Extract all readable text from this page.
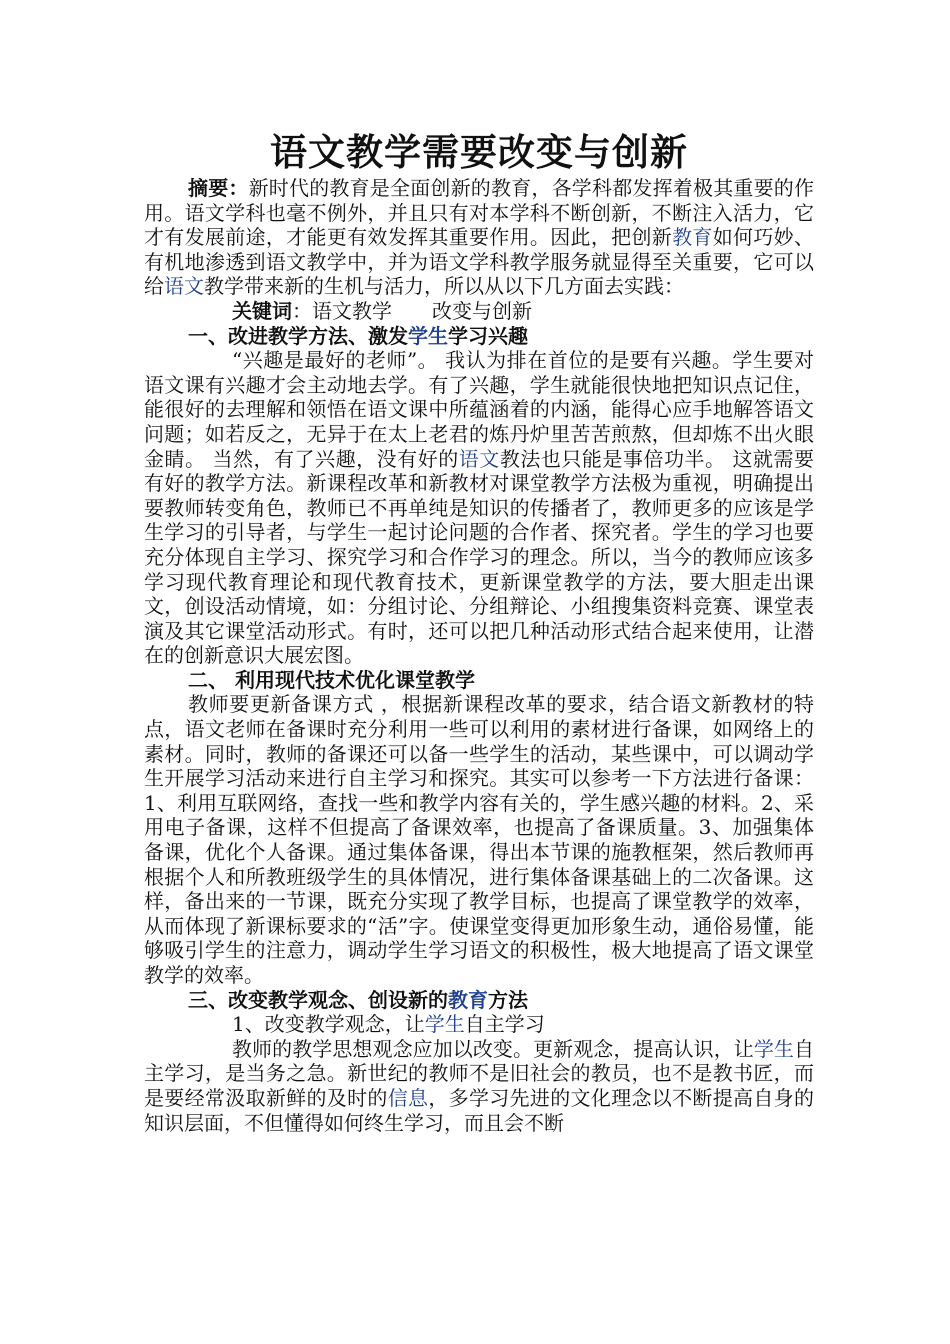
语文教学需要改变与创新

摘要：新时代的教育是全面创新的教育，各学科都发挥着极其重要的作用。语文学科也毫不例外，并且只有对本学科不断创新，不断注入活力，它才有发展前途，才能更有效发挥其重要作用。因此，把创新教育如何巧妙、有机地渗透到语文教学中，并为语文学科教学服务就显得至关重要，它可以给语文教学带来新的生机与活力，所以从以下几方面去实践：

关键词：语文教学 改变与创新

一、改进教学方法、激发学生学习兴趣

“兴趣是最好的老师”。 我认为排在首位的是要有兴趣。学生要对语文课有兴趣才会主动地去学。有了兴趣，学生就能很快地把知识点记住，能很好的去理解和领悟在语文课中所蕴涵着的内涵，能得心应手地解答语文问题；如若反之，无异于在太上老君的炼丹炉里苦苦煎熬，但却炼不出火眼金睛。 当然，有了兴趣，没有好的语文教法也只能是事倍功半。 这就需要有好的教学方法。新课程改革和新教材对课堂教学方法极为重视，明确提出要教师转变角色，教师已不再单纯是知识的传播者了，教师更多的应该是学生学习的引导者，与学生一起讨论问题的合作者、探究者。学生的学习也要充分体现自主学习、探究学习和合作学习的理念。所以，当今的教师应该多学习现代教育理论和现代教育技术，更新课堂教学的方法，要大胆走出课文，创设活动情境，如：分组讨论、分组辩论、小组搜集资料竞赛、课堂表演及其它课堂活动形式。有时，还可以把几种活动形式结合起来使用，让潜在的创新意识大展宏图。

二、 利用现代技术优化课堂教学

教师要更新备课方式 ，根据新课程改革的要求，结合语文新教材的特点，语文老师在备课时充分利用一些可以利用的素材进行备课，如网络上的素材。同时，教师的备课还可以备一些学生的活动，某些课中，可以调动学生开展学习活动来进行自主学习和探究。其实可以参考一下方法进行备课：1、利用互联网络，查找一些和教学内容有关的，学生感兴趣的材料。2、采用电子备课，这样不但提高了备课效率，也提高了备课质量。3、加强集体备课，优化个人备课。通过集体备课，得出本节课的施教框架，然后教师再根据个人和所教班级学生的具体情况，进行集体备课基础上的二次备课。这样，备出来的一节课，既充分实现了教学目标，也提高了课堂教学的效率，从而体现了新课标要求的“活”字。使课堂变得更加形象生动，通俗易懂，能够吸引学生的注意力，调动学生学习语文的积极性，极大地提高了语文课堂教学的效率。

三、改变教学观念、创设新的教育方法

1、改变教学观念，让学生自主学习

教师的教学思想观念应加以改变。更新观念，提高认识，让学生自主学习，是当务之急。新世纪的教师不是旧社会的教员，也不是教书匠，而是要经常汲取新鲜的及时的信息，多学习先进的文化理念以不断提高自身的知识层面，不但懂得如何终生学习，而且会不断
